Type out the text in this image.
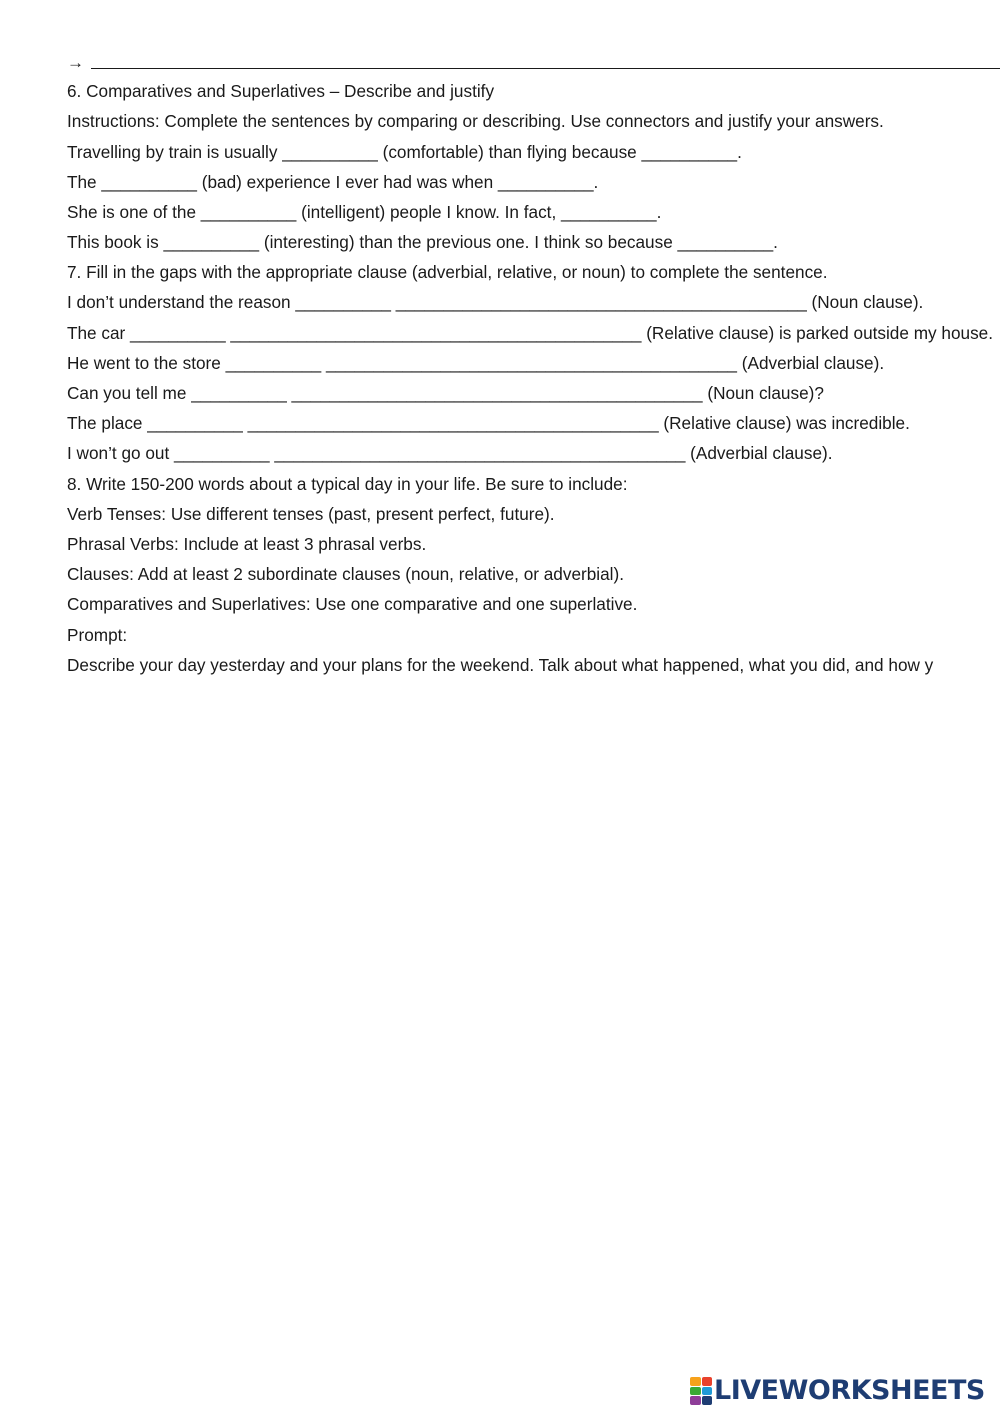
→
6. Comparatives and Superlatives – Describe and justify
Instructions: Complete the sentences by comparing or describing. Use connectors and justify your answers.
Travelling by train is usually __________ (comfortable) than flying because __________.
The __________ (bad) experience I ever had was when __________.
She is one of the __________ (intelligent) people I know. In fact, __________.
This book is __________ (interesting) than the previous one. I think so because __________.
7. Fill in the gaps with the appropriate clause (adverbial, relative, or noun) to complete the sentence.
I don’t understand the reason __________ ___________________________________________ (Noun clause).
The car __________ ___________________________________________ (Relative clause) is parked outside my house.
He went to the store __________ ___________________________________________ (Adverbial clause).
Can you tell me __________ ___________________________________________ (Noun clause)?
The place __________ ___________________________________________ (Relative clause) was incredible.
I won’t go out __________ ___________________________________________ (Adverbial clause).
8. Write 150-200 words about a typical day in your life. Be sure to include:
Verb Tenses: Use different tenses (past, present perfect, future).
Phrasal Verbs: Include at least 3 phrasal verbs.
Clauses: Add at least 2 subordinate clauses (noun, relative, or adverbial).
Comparatives and Superlatives: Use one comparative and one superlative.
Prompt:
Describe your day yesterday and your plans for the weekend. Talk about what happened, what you did, and how y
LIVEWORKSHEETS
